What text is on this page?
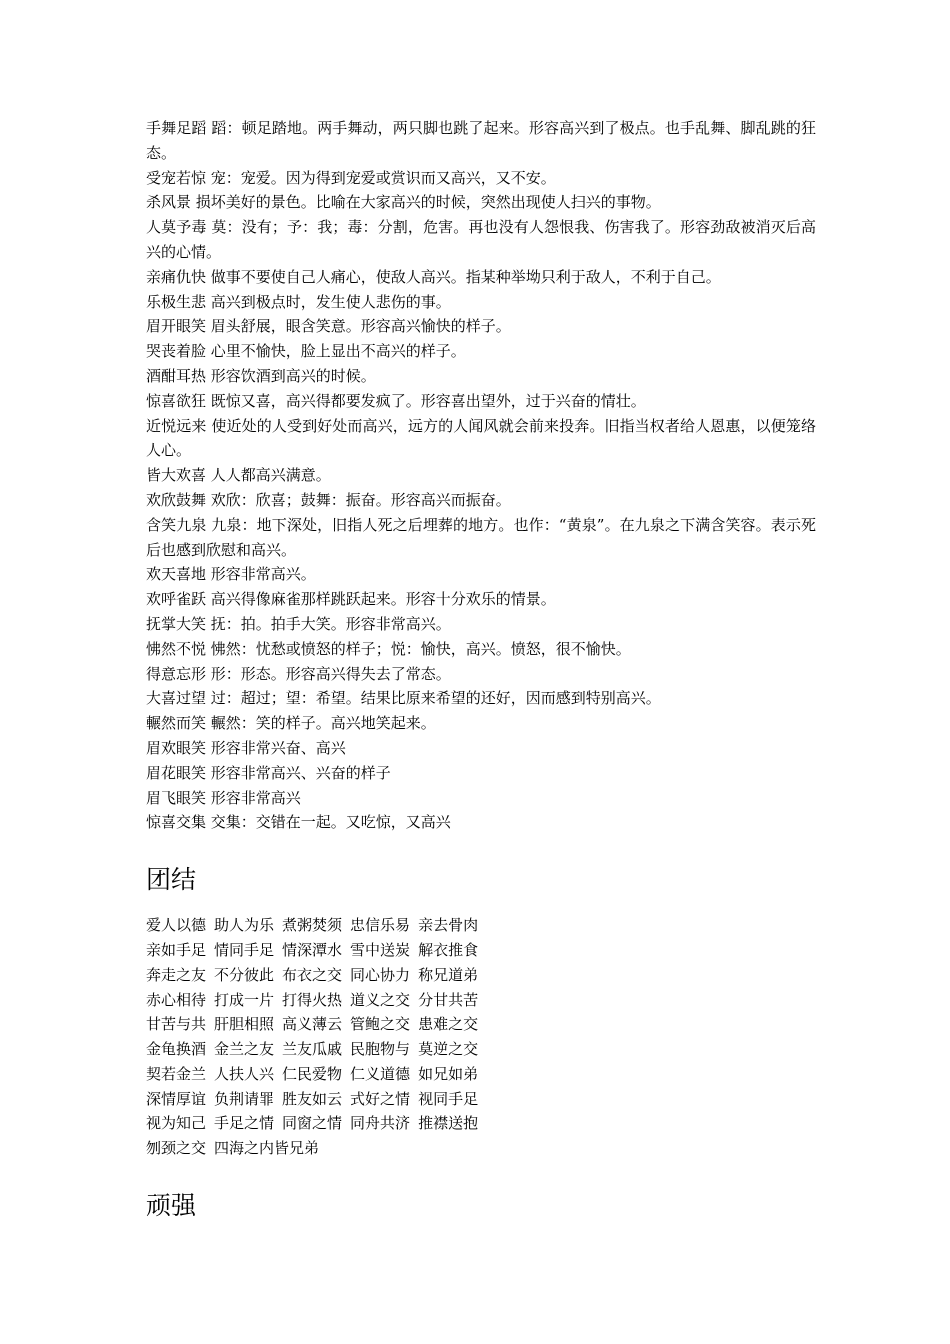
手舞足蹈 蹈：顿足踏地。两手舞动，两只脚也跳了起来。形容高兴到了极点。也手乱舞、脚乱跳的狂态。

受宠若惊 宠：宠爱。因为得到宠爱或赏识而又高兴，又不安。

杀风景 损坏美好的景色。比喻在大家高兴的时候，突然出现使人扫兴的事物。

人莫予毒 莫：没有；予：我；毒：分割，危害。再也没有人怨恨我、伤害我了。形容劲敌被消灭后高兴的心情。

亲痛仇快 做事不要使自己人痛心，使敌人高兴。指某种举坳只利于敌人，不利于自己。

乐极生悲 高兴到极点时，发生使人悲伤的事。

眉开眼笑 眉头舒展，眼含笑意。形容高兴愉快的样子。

哭丧着脸 心里不愉快，脸上显出不高兴的样子。

酒酣耳热 形容饮酒到高兴的时候。

惊喜欲狂 既惊又喜，高兴得都要发疯了。形容喜出望外，过于兴奋的情壮。

近悦远来 使近处的人受到好处而高兴，远方的人闻风就会前来投奔。旧指当权者给人恩惠，以便笼络人心。

皆大欢喜 人人都高兴满意。

欢欣鼓舞 欢欣：欣喜；鼓舞：振奋。形容高兴而振奋。

含笑九泉 九泉：地下深处，旧指人死之后埋葬的地方。也作：“黄泉”。在九泉之下满含笑容。表示死后也感到欣慰和高兴。

欢天喜地 形容非常高兴。

欢呼雀跃 高兴得像麻雀那样跳跃起来。形容十分欢乐的情景。

抚掌大笑 抚：拍。拍手大笑。形容非常高兴。

怫然不悦 怫然：忧愁或愤怒的样子；悦：愉快，高兴。愤怒，很不愉快。

得意忘形 形：形态。形容高兴得失去了常态。

大喜过望 过：超过；望：希望。结果比原来希望的还好，因而感到特别高兴。

輾然而笑 輾然：笑的样子。高兴地笑起来。

眉欢眼笑 形容非常兴奋、高兴

眉花眼笑 形容非常高兴、兴奋的样子

眉飞眼笑 形容非常高兴

惊喜交集 交集：交错在一起。又吃惊，又高兴

团结
爱人以德 助人为乐 煮粥焚须 忠信乐易 亲去骨肉
亲如手足 情同手足 情深潭水 雪中送炭 解衣推食
奔走之友 不分彼此 布衣之交 同心协力 称兄道弟
赤心相待 打成一片 打得火热 道义之交 分甘共苦
甘苦与共 肝胆相照 高义薄云 管鲍之交 患难之交
金龟换酒 金兰之友 兰友瓜戚 民胞物与 莫逆之交
契若金兰 人扶人兴 仁民爱物 仁义道德 如兄如弟
深情厚谊 负荆请罪 胜友如云 式好之情 视同手足
视为知己 手足之情 同窗之情 同舟共济 推襟送抱
刎颈之交 四海之内皆兄弟
顽强
